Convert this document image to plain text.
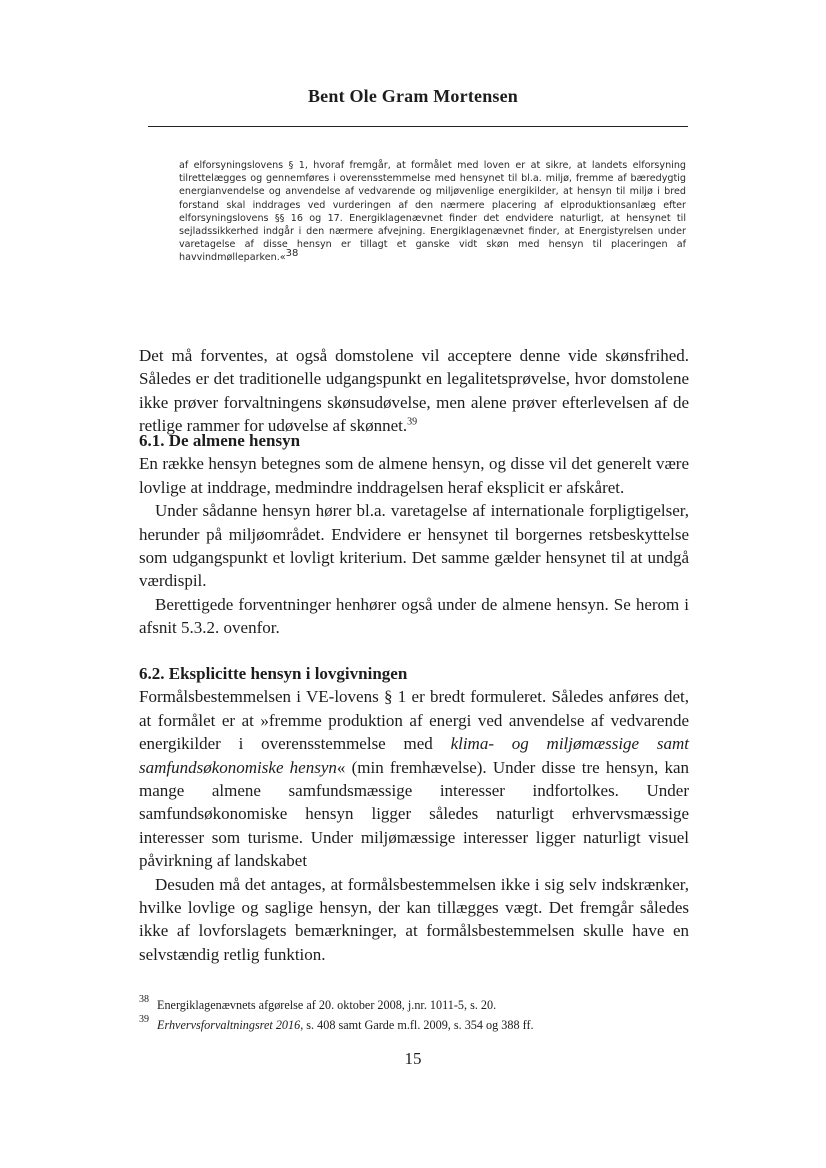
Bent Ole Gram Mortensen
af elforsyningslovens § 1, hvoraf fremgår, at formålet med loven er at sikre, at landets elforsyning tilrettelægges og gennemføres i overensstemmelse med hensynet til bl.a. miljø, fremme af bæredygtig energianvendelse og anvendelse af vedvarende og miljøvenlige energikilder, at hensyn til miljø i bred forstand skal inddrages ved vurderingen af den nærmere placering af elproduktionsanlæg efter elforsyningslovens §§ 16 og 17. Energiklagenævnet finder det endvidere naturligt, at hensynet til sejladssikkerhed indgår i den nærmere afvejning. Energiklagenævnet finder, at Energistyrelsen under varetagelse af disse hensyn er tillagt et ganske vidt skøn med hensyn til placeringen af havvindmølleparken.«$^{38}$

Det må forventes, at også domstolene vil acceptere denne vide skønsfrihed. Således er det traditionelle udgangspunkt en legalitetsprøvelse, hvor domstolene ikke prøver forvaltningens skønsudøvelse, men alene prøver efterlevelsen af de retlige rammer for udøvelse af skønnet.$^{39}$

6.1. De almene hensyn

En række hensyn betegnes som de almene hensyn, og disse vil det generelt være lovlige at inddrage, medmindre inddragelsen heraf eksplicit er afskåret.

Under sådanne hensyn hører bl.a. varetagelse af internationale forpligtigelser, herunder på miljøområdet. Endvidere er hensynet til borgernes retsbeskyttelse som udgangspunkt et lovligt kriterium. Det samme gælder hensynet til at undgå værdispil.

Berettigede forventninger henhører også under de almene hensyn. Se herom i afsnit 5.3.2. ovenfor.

6.2. Eksplicitte hensyn i lovgivningen

Formålsbestemmelsen i VE-lovens § 1 er bredt formuleret. Således anføres det, at formålet er at »fremme produktion af energi ved anvendelse af vedvarende energikilder i overensstemmelse med klima- og miljømæssige samt samfundsøkonomiske hensyn« (min fremhævelse). Under disse tre hensyn, kan mange almene samfundsmæssige interesser indfortolkes. Under samfundsøkonomiske hensyn ligger således naturligt erhvervsmæssige interesser som turisme. Under miljømæssige interesser ligger naturligt visuel påvirkning af landskabet

Desuden må det antages, at formålsbestemmelsen ikke i sig selv indskrænker, hvilke lovlige og saglige hensyn, der kan tillægges vægt. Det fremgår således ikke af lovforslagets bemærkninger, at formålsbestemmelsen skulle have en selvstændig retlig funktion.

38 Energiklagenævnets afgørelse af 20. oktober 2008, j.nr. 1011-5, s. 20.
39 Erhvervsforvaltningsret 2016, s. 408 samt Garde m.fl. 2009, s. 354 og 388 ff.
15
